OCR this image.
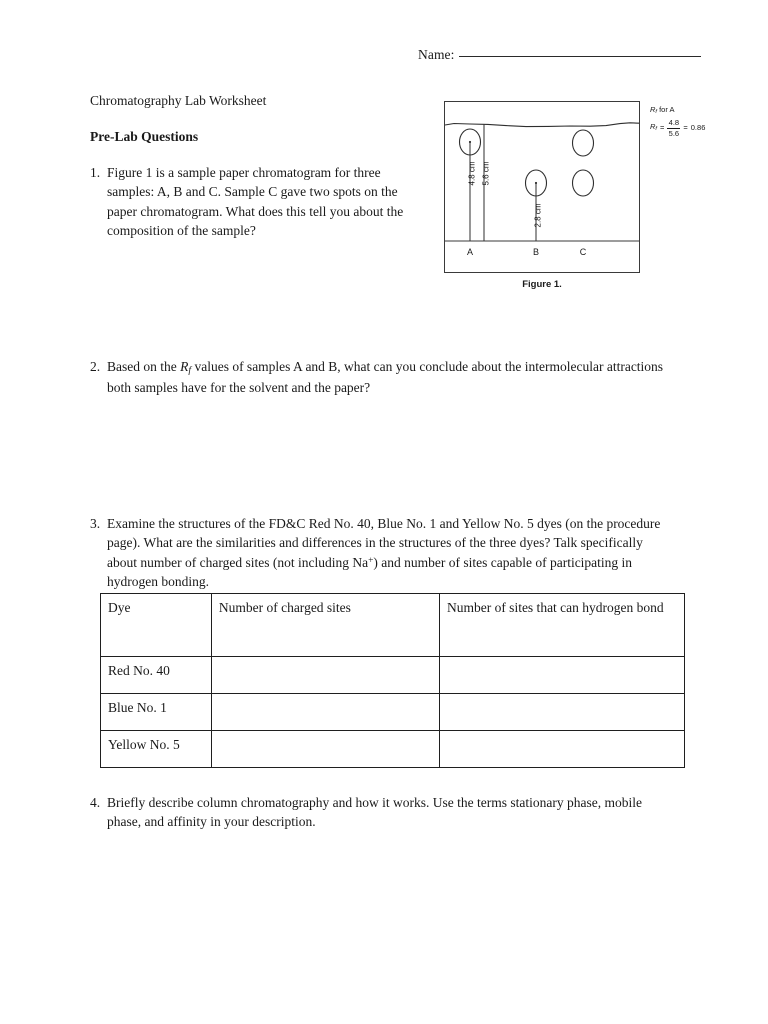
Name:
Chromatography Lab Worksheet
Pre-Lab Questions
1. Figure 1 is a sample paper chromatogram for three samples: A, B and C. Sample C gave two spots on the paper chromatogram. What does this tell you about the composition of the sample?
2. Based on the $R_f$ values of samples A and B, what can you conclude about the intermolecular attractions both samples have for the solvent and the paper?
3. Examine the structures of the FD&C Red No. 40, Blue No. 1 and Yellow No. 5 dyes (on the procedure page). What are the similarities and differences in the structures of the three dyes? Talk specifically about number of charged sites (not including Na+) and number of sites capable of participating in hydrogen bonding.
4. Briefly describe column chromatography and how it works. Use the terms stationary phase, mobile phase, and affinity in your description.
4.8 cm 5.6 cm
2.8 cm
A	B	C
$R_f$ for A
$R_f = \frac{4.8}{5.6} = 0.86$
Figure 1.
Dye	Number of charged sites	Number of sites that can hydrogen bond
Red No. 40		
Blue No. 1		
Yellow No. 5		
